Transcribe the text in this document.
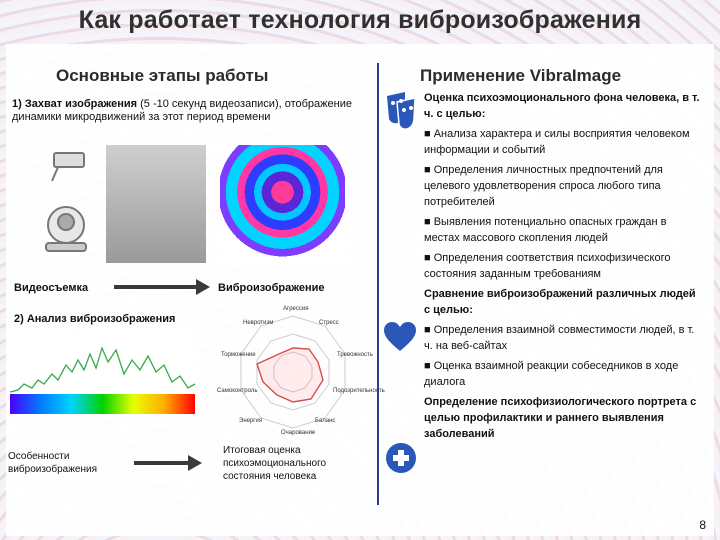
Как работает технология виброизображения
Основные этапы работы	Применение VibraImage
1) Захват изображения (5 -10 секунд видеозаписи), отображение динамики микродвижений за этот период времени
Видеосъемка	Виброизображение
2) Анализ виброизображения
Агрессия
Стресс
Тревожность
Подозрительность
Баланс
Очарование
Энергия
Самоконтроль
Торможение
Невротизм
Особенности виброизображения
Итоговая оценка психоэмоционального состояния человека
Оценка психоэмоционального фона человека, в т. ч. с целью:
■ Анализа характера и силы восприятия человеком информации и событий
■ Определения личностных предпочтений для целевого удовлетворения спроса любого типа потребителей
■ Выявления потенциально опасных граждан в местах массового скопления людей
■ Определения соответствия психофизического состояния заданным требованиям
Сравнение виброизображений различных людей с целью:
■ Определения взаимной совместимости людей, в т. ч. на веб-сайтах
■ Оценка взаимной реакции собеседников в ходе диалога
Определение психофизиологического портрета с целью профилактики и раннего выявления заболеваний
8
